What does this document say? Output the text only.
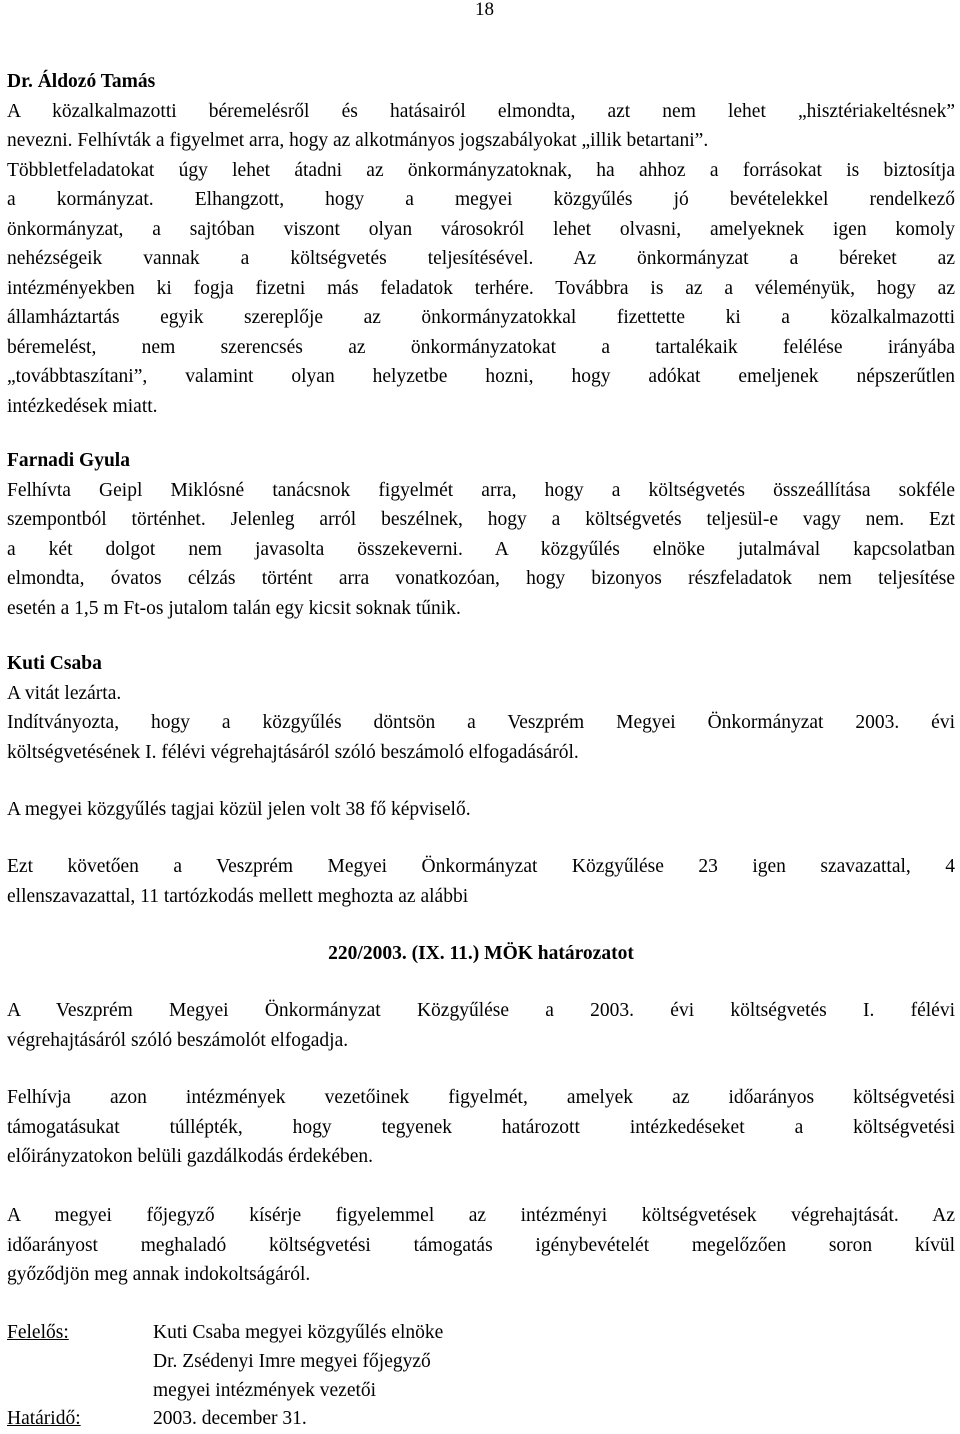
18
Dr. Áldozó Tamás
A közalkalmazotti béremelésről és hatásairól elmondta, azt nem lehet „hisztériakeltésnek”
nevezni. Felhívták a figyelmet arra, hogy az alkotmányos jogszabályokat „illik betartani”.
Többletfeladatokat úgy lehet átadni az önkormányzatoknak, ha ahhoz a forrásokat is biztosítja
a kormányzat. Elhangzott, hogy a megyei közgyűlés jó bevételekkel rendelkező
önkormányzat, a sajtóban viszont olyan városokról lehet olvasni, amelyeknek igen komoly
nehézségeik vannak a költségvetés teljesítésével. Az önkormányzat a béreket az
intézményekben ki fogja fizetni más feladatok terhére. Továbbra is az a véleményük, hogy az
államháztartás egyik szereplője az önkormányzatokkal fizettette ki a közalkalmazotti
béremelést, nem szerencsés az önkormányzatokat a tartalékaik felélése irányába
„továbbtaszítani”, valamint olyan helyzetbe hozni, hogy adókat emeljenek népszerűtlen
intézkedések miatt.
Farnadi Gyula
Felhívta Geipl Miklósné tanácsnok figyelmét arra, hogy a költségvetés összeállítása sokféle
szempontból történhet. Jelenleg arról beszélnek, hogy a költségvetés teljesül-e vagy nem. Ezt
a két dolgot nem javasolta összekeverni. A közgyűlés elnöke jutalmával kapcsolatban
elmondta, óvatos célzás történt arra vonatkozóan, hogy bizonyos részfeladatok nem teljesítése
esetén a 1,5 m Ft-os jutalom talán egy kicsit soknak tűnik.
Kuti Csaba
A vitát lezárta.
Indítványozta, hogy a közgyűlés döntsön a Veszprém Megyei Önkormányzat 2003. évi
költségvetésének I. félévi végrehajtásáról szóló beszámoló elfogadásáról.
A megyei közgyűlés tagjai közül jelen volt 38 fő képviselő.
Ezt követően a Veszprém Megyei Önkormányzat Közgyűlése 23 igen szavazattal, 4
ellenszavazattal, 11 tartózkodás mellett meghozta az alábbi
220/2003. (IX. 11.) MÖK határozatot
A Veszprém Megyei Önkormányzat Közgyűlése a 2003. évi költségvetés I. félévi
végrehajtásáról szóló beszámolót elfogadja.
Felhívja azon intézmények vezetőinek figyelmét, amelyek az időarányos költségvetési
támogatásukat túllépték, hogy tegyenek határozott intézkedéseket a költségvetési
előirányzatokon belüli gazdálkodás érdekében.
A megyei főjegyző kísérje figyelemmel az intézményi költségvetések végrehajtását. Az
időarányost meghaladó költségvetési támogatás igénybevételét megelőzően soron kívül
győződjön meg annak indokoltságáról.
Felelős:	Kuti Csaba megyei közgyűlés elnöke
Dr. Zsédenyi Imre megyei főjegyző
megyei intézmények vezetői
Határidő:	2003. december 31.
